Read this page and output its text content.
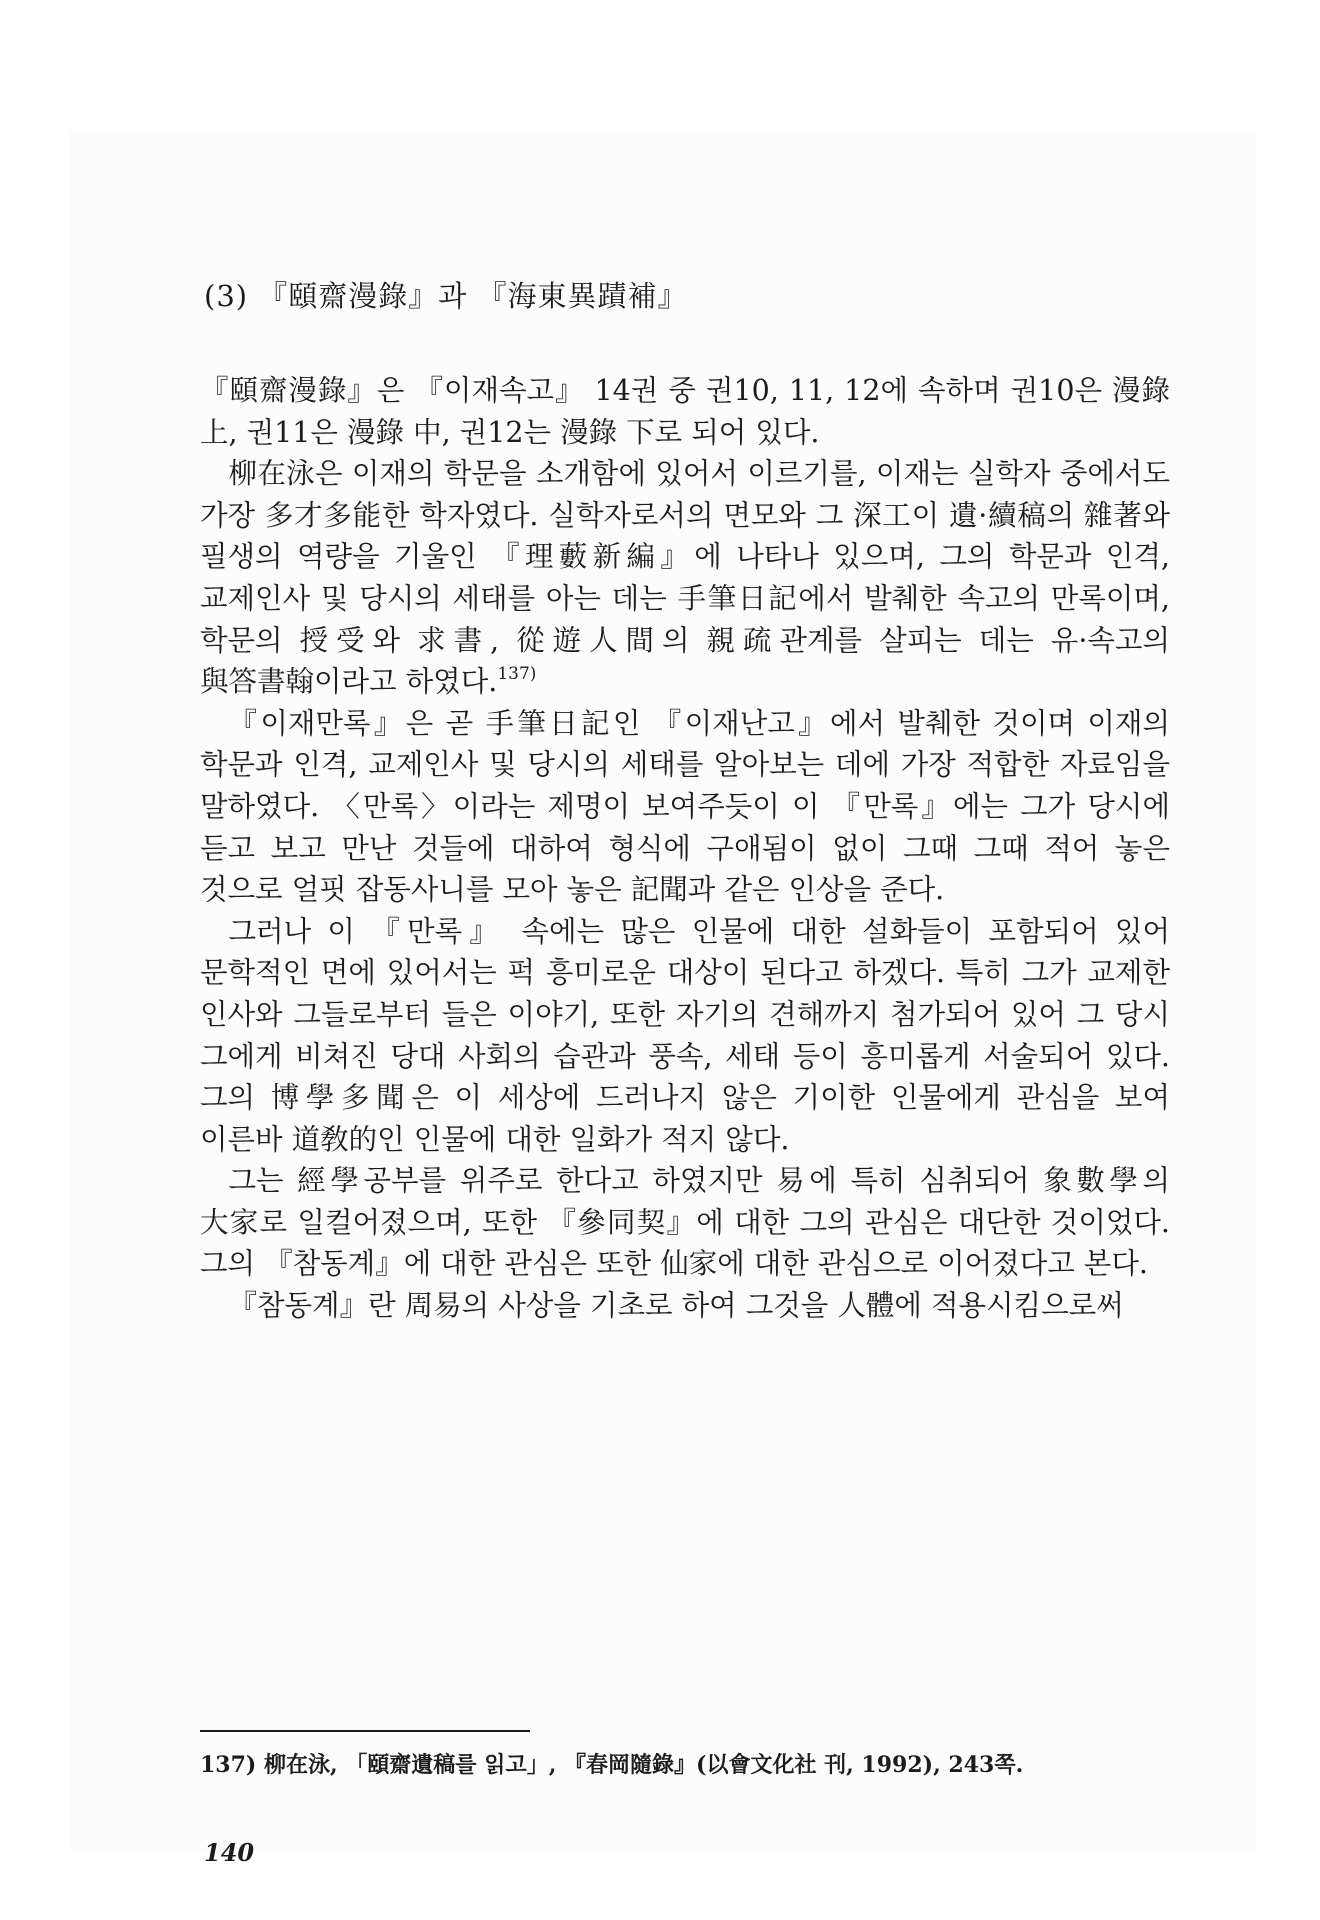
(3) 『頤齋漫錄』과 『海東異蹟補』

『頤齋漫錄』은 『이재속고』 14권 중 권10, 11, 12에 속하며 권10은 漫錄 上, 권11은 漫錄 中, 권12는 漫錄 下로 되어 있다.

柳在泳은 이재의 학문을 소개함에 있어서 이르기를, 이재는 실학자 중에서도 가장 多才多能한 학자였다. 실학자로서의 면모와 그 深工이 遺·續稿의 雜著와 필생의 역량을 기울인 『理藪新編』에 나타나 있으며, 그의 학문과 인격, 교제인사 및 당시의 세태를 아는 데는 手筆日記에서 발췌한 속고의 만록이며, 학문의 授受와 求書, 從遊人間의 親疏관계를 살피는 데는 유·속고의 與答書翰이라고 하였다.$^{137)}$

『이재만록』은 곧 手筆日記인 『이재난고』에서 발췌한 것이며 이재의 학문과 인격, 교제인사 및 당시의 세태를 알아보는 데에 가장 적합한 자료임을 말하였다. 〈만록〉이라는 제명이 보여주듯이 이 『만록』에는 그가 당시에 듣고 보고 만난 것들에 대하여 형식에 구애됨이 없이 그때 그때 적어 놓은 것으로 얼핏 잡동사니를 모아 놓은 記聞과 같은 인상을 준다.

그러나 이 『만록』 속에는 많은 인물에 대한 설화들이 포함되어 있어 문학적인 면에 있어서는 퍽 흥미로운 대상이 된다고 하겠다. 특히 그가 교제한 인사와 그들로부터 들은 이야기, 또한 자기의 견해까지 첨가되어 있어 그 당시 그에게 비쳐진 당대 사회의 습관과 풍속, 세태 등이 흥미롭게 서술되어 있다. 그의 博學多聞은 이 세상에 드러나지 않은 기이한 인물에게 관심을 보여 이른바 道敎的인 인물에 대한 일화가 적지 않다.

그는 經學공부를 위주로 한다고 하였지만 易에 특히 심취되어 象數學의 大家로 일컬어졌으며, 또한 『參同契』에 대한 그의 관심은 대단한 것이었다. 그의 『참동계』에 대한 관심은 또한 仙家에 대한 관심으로 이어졌다고 본다.

『참동계』란 周易의 사상을 기초로 하여 그것을 人體에 적용시킴으로써

137) 柳在泳, 「頤齋遺稿를 읽고」, 『春岡隨錄』(以會文化社 刊, 1992), 243쪽.
140
